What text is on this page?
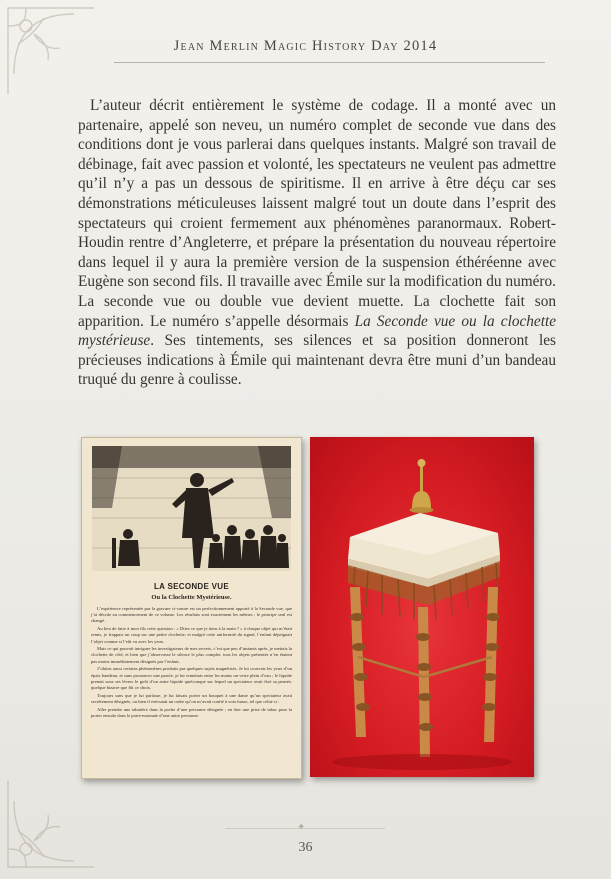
Jean Merlin Magic History Day 2014

L’auteur décrit entièrement le système de codage. Il a monté avec un partenaire, appelé son neveu, un numéro complet de seconde vue dans des conditions dont je vous parlerai dans quelques instants. Malgré son travail de débinage, fait avec passion et volonté, les spectateurs ne veulent pas admettre qu’il n’y a pas un dessous de spiritisme. Il en arrive à être déçu car ses démonstrations méticuleuses laissent malgré tout un doute dans l’esprit des spectateurs qui croient fermement aux phénomènes paranormaux. Robert-Houdin rentre d’Angleterre, et prépare la présentation du nouveau répertoire dans lequel il y aura la première version de la suspension éthéréenne avec Eugène son second fils. Il travaille avec Émile sur la modification du numéro. La seconde vue ou double vue devient muette. La clochette fait son apparition. Le numéro s’appelle désormais La Seconde vue ou la clochette mystérieuse. Ses tintements, ses silences et sa position donneront les précieuses indications à Émile qui maintenant devra être muni d’un bandeau truqué du genre à coulisse.

LA SECONDE VUE
Ou la Clochette Mystérieuse.

L’expérience représentée par la gravure ci-contre est un perfectionnement apporté à la Seconde vue, que j’ai décrite au commencement de ce volume. Les résultats sont exactement les mêmes ; le principe seul est changé.

Au lieu de faire à mon fils cette question : « Dites ce que je tiens à la main ? » à chaque objet qui m’était remis, je frappais un coup sur une petite clochette, et malgré cette uniformité du signal, l’enfant dépeignait l’objet comme si l’eût vu avec les yeux.

Mais ce qui pouvait intriguer les investigateurs de mes secrets, c’est que peu d’instants après, je mettais la clochette de côté, et bien que j’observasse le silence le plus complet, tous les objets présentés n’en étaient pas moins immédiatement désignés par l’enfant.

J’obtins aussi certains phénomènes produits par quelques sujets magnétisés. Je lui couvrais les yeux d’un épais bandeau, et sans prononcer une parole, je lui remettais entre les mains un verre plein d’eau ; le liquide prenait sous ses lèvres le goût d’un autre liquide quelconque sur lequel un spectateur avait fixé sa pensée, quelque bizarre que fût ce choix.

Toujours sans que je lui parlasse, je lui faisais porter un bouquet à une dame qu’un spectateur avait secrètement désignée, ou bien il exécutait un ordre qu’on m’avait confié à voix basse, tel que celui-ci :

Aller prendre une tabatière dans la poche d’une personne désignée ; en ôter une prise de tabac pour la porter ensuite dans le porte-monnaie d’une autre personne.

✦
36
